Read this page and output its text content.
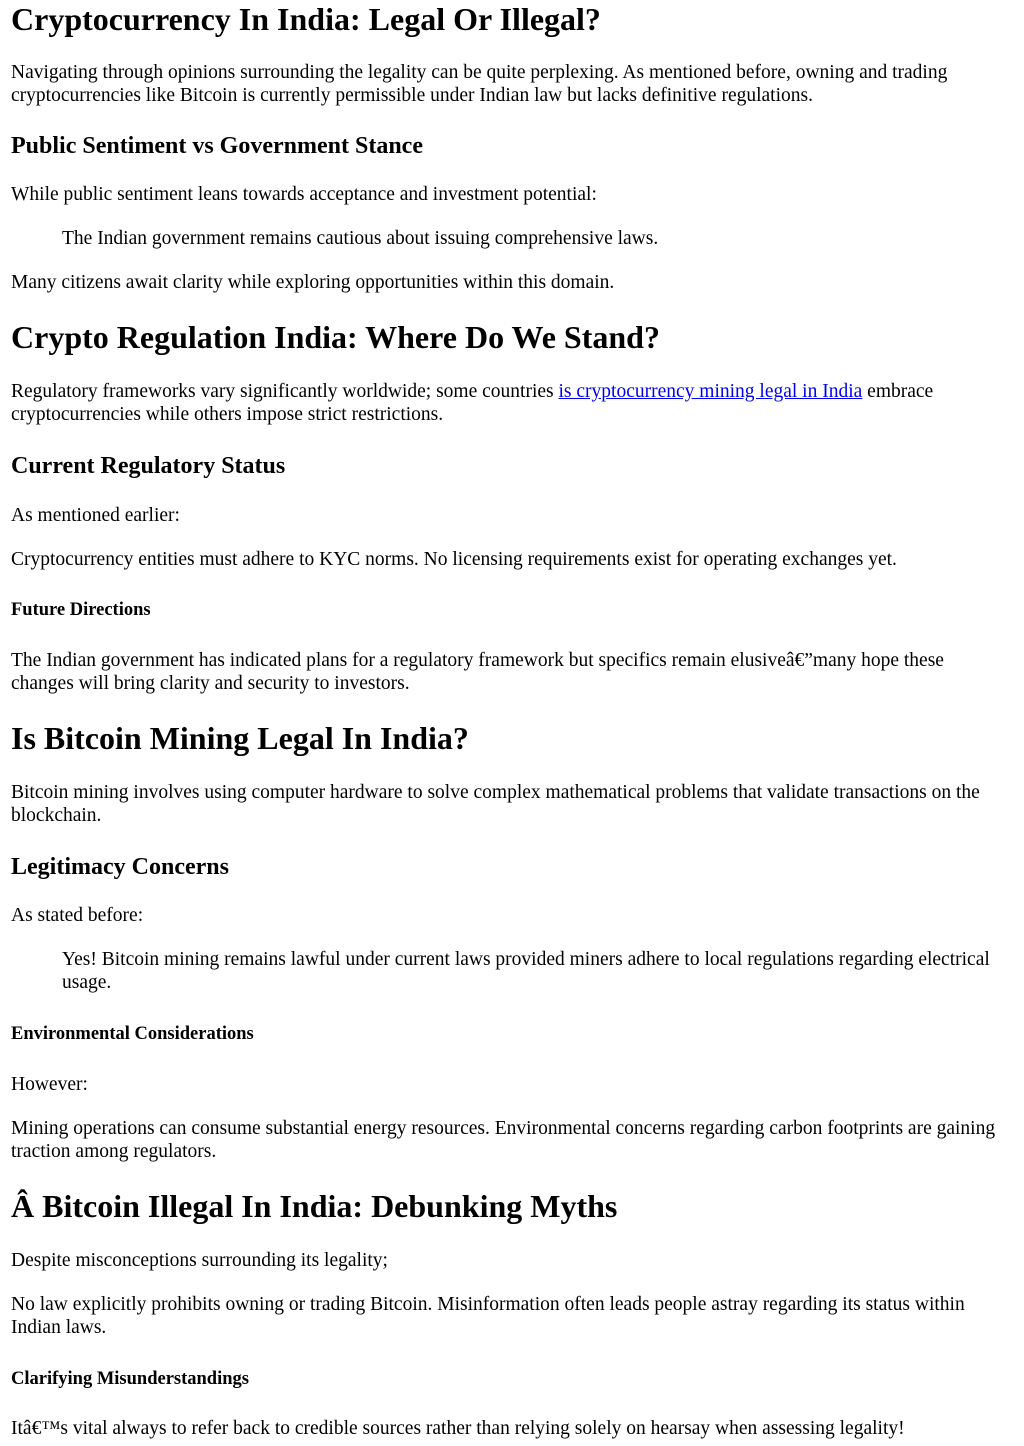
Cryptocurrency In India: Legal Or Illegal?

Navigating through opinions surrounding the legality can be quite perplexing. As mentioned before, owning and trading cryptocurrencies like Bitcoin is currently permissible under Indian law but lacks definitive regulations.

Public Sentiment vs Government Stance

While public sentiment leans towards acceptance and investment potential:

The Indian government remains cautious about issuing comprehensive laws.

Many citizens await clarity while exploring opportunities within this domain.

Crypto Regulation India: Where Do We Stand?

Regulatory frameworks vary significantly worldwide; some countries is cryptocurrency mining legal in India embrace cryptocurrencies while others impose strict restrictions.

Current Regulatory Status

As mentioned earlier:

Cryptocurrency entities must adhere to KYC norms. No licensing requirements exist for operating exchanges yet.

Future Directions

The Indian government has indicated plans for a regulatory framework but specifics remain elusiveâ€”many hope these changes will bring clarity and security to investors.

Is Bitcoin Mining Legal In India?

Bitcoin mining involves using computer hardware to solve complex mathematical problems that validate transactions on the blockchain.

Legitimacy Concerns

As stated before:

Yes! Bitcoin mining remains lawful under current laws provided miners adhere to local regulations regarding electrical usage.
Environmental Considerations

However:

Mining operations can consume substantial energy resources. Environmental concerns regarding carbon footprints are gaining traction among regulators.

Â Bitcoin Illegal In India: Debunking Myths

Despite misconceptions surrounding its legality;

No law explicitly prohibits owning or trading Bitcoin. Misinformation often leads people astray regarding its status within Indian laws.

Clarifying Misunderstandings

Itâ€™s vital always to refer back to credible sources rather than relying solely on hearsay when assessing legality!
